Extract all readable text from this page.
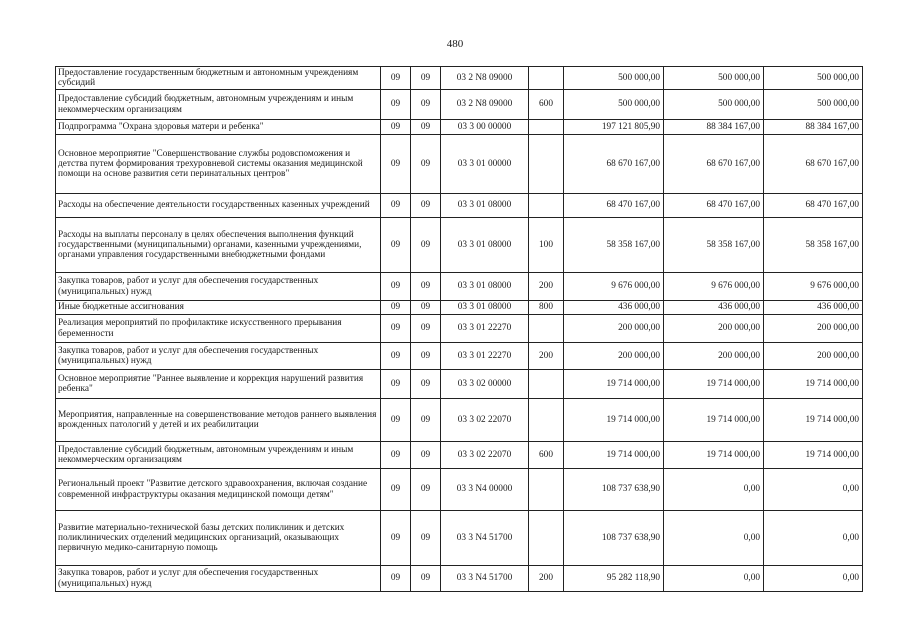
480
Предоставление государственным бюджетным и автономным учреждениям субсидий	09	09	03 2 N8 09000		500 000,00	500 000,00	500 000,00
Предоставление субсидий бюджетным, автономным учреждениям и иным некоммерческим организациям	09	09	03 2 N8 09000	600	500 000,00	500 000,00	500 000,00
Подпрограмма "Охрана здоровья матери и ребенка"	09	09	03 3 00 00000		197 121 805,90	88 384 167,00	88 384 167,00
Основное мероприятие "Совершенствование службы родовспоможения и детства путем формирования трехуровневой системы оказания медицинской помощи на основе развития сети перинатальных центров"	09	09	03 3 01 00000		68 670 167,00	68 670 167,00	68 670 167,00
Расходы на обеспечение деятельности государственных казенных учреждений	09	09	03 3 01 08000		68 470 167,00	68 470 167,00	68 470 167,00
Расходы на выплаты персоналу в целях обеспечения выполнения функций государственными (муниципальными) органами, казенными учреждениями, органами управления государственными внебюджетными фондами	09	09	03 3 01 08000	100	58 358 167,00	58 358 167,00	58 358 167,00
Закупка товаров, работ и услуг для обеспечения государственных (муниципальных) нужд	09	09	03 3 01 08000	200	9 676 000,00	9 676 000,00	9 676 000,00
Иные бюджетные ассигнования	09	09	03 3 01 08000	800	436 000,00	436 000,00	436 000,00
Реализация мероприятий по профилактике искусственного прерывания беременности	09	09	03 3 01 22270		200 000,00	200 000,00	200 000,00
Закупка товаров, работ и услуг для обеспечения государственных (муниципальных) нужд	09	09	03 3 01 22270	200	200 000,00	200 000,00	200 000,00
Основное мероприятие "Раннее выявление и коррекция нарушений развития ребенка"	09	09	03 3 02 00000		19 714 000,00	19 714 000,00	19 714 000,00
Мероприятия, направленные на совершенствование методов раннего выявления врожденных патологий у детей и их реабилитации	09	09	03 3 02 22070		19 714 000,00	19 714 000,00	19 714 000,00
Предоставление субсидий бюджетным, автономным учреждениям и иным некоммерческим организациям	09	09	03 3 02 22070	600	19 714 000,00	19 714 000,00	19 714 000,00
Региональный проект "Развитие детского здравоохранения, включая создание современной инфраструктуры оказания медицинской помощи детям"	09	09	03 3 N4 00000		108 737 638,90	0,00	0,00
Развитие материально-технической базы детских поликлиник и детских поликлинических отделений медицинских организаций, оказывающих первичную медико-санитарную помощь	09	09	03 3 N4 51700		108 737 638,90	0,00	0,00
Закупка товаров, работ и услуг для обеспечения государственных (муниципальных) нужд	09	09	03 3 N4 51700	200	95 282 118,90	0,00	0,00
